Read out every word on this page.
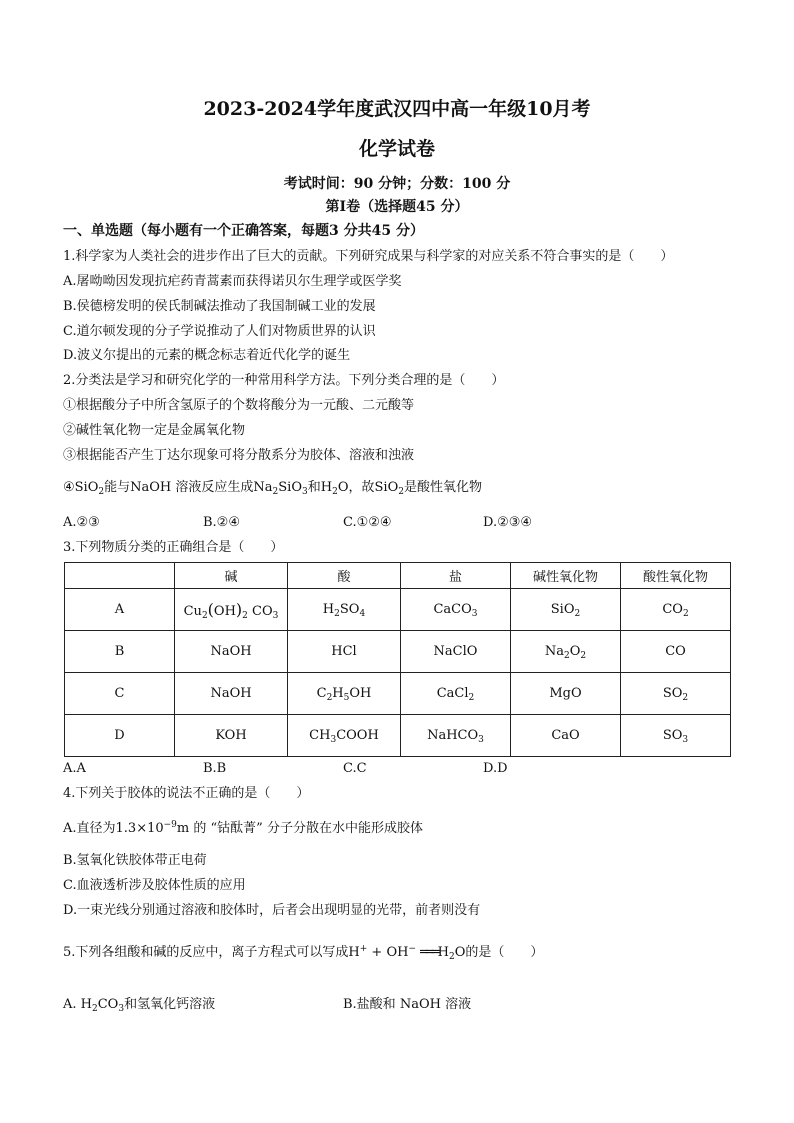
2023-2024学年度武汉四中高一年级10月考
化学试卷
考试时间：90 分钟；分数：100 分
第Ⅰ卷（选择题45 分）
一、单选题（每小题有一个正确答案，每题3 分共45 分）
1.科学家为人类社会的进步作出了巨大的贡献。下列研究成果与科学家的对应关系不符合事实的是（　　）
A.屠呦呦因发现抗疟药青蒿素而获得诺贝尔生理学或医学奖
B.侯德榜发明的侯氏制碱法推动了我国制碱工业的发展
C.道尔顿发现的分子学说推动了人们对物质世界的认识
D.波义尔提出的元素的概念标志着近代化学的诞生
2.分类法是学习和研究化学的一种常用科学方法。下列分类合理的是（　　）
①根据酸分子中所含氢原子的个数将酸分为一元酸、二元酸等
②碱性氧化物一定是金属氧化物
③根据能否产生丁达尔现象可将分散系分为胶体、溶液和浊液
④SiO$_2$能与NaOH 溶液反应生成$Na_2SiO_3$和$H_2O$，故SiO$_2$是酸性氧化物
A.②③	B.②④	C.①②④	D.②③④
3.下列物质分类的正确组合是（　　）
	碱	酸	盐	碱性氧化物	酸性氧化物
A	$Cu_2(OH)_2$ $CO_3$	$H_2SO_4$	CaCO$_3$	SiO$_2$	$CO_2$
B	NaOH	HCl	NaClO	$Na_2O_2$	CO
C	NaOH	$C_2H_5OH$	CaCl$_2$	MgO	$SO_2$
D	KOH	$CH_3COOH$	NaHCO$_3$	CaO	$SO_3$
A.A	B.B	C.C	D.D
4.下列关于胶体的说法不正确的是（　　）
A.直径为$1.3\times 10^{-9}m$ 的 “钴酞菁” 分子分散在水中能形成胶体
B.氢氧化铁胶体带正电荷
C.血液透析涉及胶体性质的应用
D.一束光线分别通过溶液和胶体时，后者会出现明显的光带，前者则没有
5.下列各组酸和碱的反应中，离子方程式可以写成H+ + OH− $═══H_2O$的是（　　）
A. $H_2CO_3$和氢氧化钙溶液	B.盐酸和 NaOH 溶液
